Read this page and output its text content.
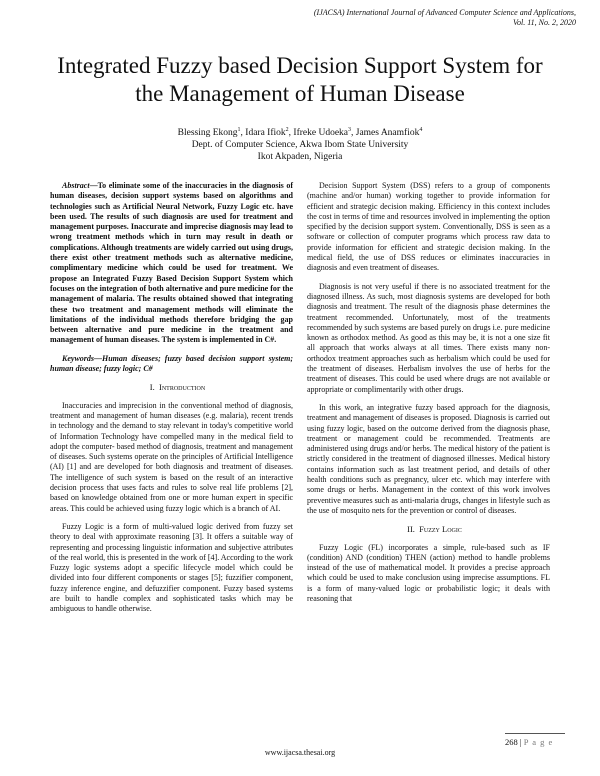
(IJACSA) International Journal of Advanced Computer Science and Applications,
Vol. 11, No. 2, 2020
Integrated Fuzzy based Decision Support System for
the Management of Human Disease
Blessing Ekong$^1$, Idara Ifiok$^2$, Ifreke Udoeka$^3$, James Anamfiok$^4$
Dept. of Computer Science, Akwa Ibom State University
Ikot Akpaden, Nigeria

Abstract—To eliminate some of the inaccuracies in the diagnosis of human diseases, decision support systems based on algorithms and technologies such as Artificial Neural Network, Fuzzy Logic etc. have been used. The results of such diagnosis are used for treatment and management purposes. Inaccurate and imprecise diagnosis may lead to wrong treatment methods which in turn may result in death or complications. Although treatments are widely carried out using drugs, there exist other treatment methods such as alternative medicine, complimentary medicine which could be used for treatment. We propose an Integrated Fuzzy Based Decision Support System which focuses on the integration of both alternative and pure medicine for the management of malaria. The results obtained showed that integrating these two treatment and management methods will eliminate the limitations of the individual methods therefore bridging the gap between alternative and pure medicine in the treatment and management of human diseases. The system is implemented in C#.

Keywords—Human diseases; fuzzy based decision support system; human disease; fuzzy logic; C#

I. Introduction

Inaccuracies and imprecision in the conventional method of diagnosis, treatment and management of human diseases (e.g. malaria), recent trends in technology and the demand to stay relevant in today's competitive world of Information Technology have compelled many in the medical field to adopt the computer- based method of diagnosis, treatment and management of diseases. Such systems operate on the principles of Artificial Intelligence (AI) [1] and are developed for both diagnosis and treatment of diseases. The intelligence of such system is based on the result of an interactive decision process that uses facts and rules to solve real life problems [2], based on knowledge obtained from one or more human expert in specific areas. This could be achieved using fuzzy logic which is a branch of AI.

Fuzzy Logic is a form of multi-valued logic derived from fuzzy set theory to deal with approximate reasoning [3]. It offers a suitable way of representing and processing linguistic information and subjective attributes of the real world, this is presented in the work of [4]. According to the work Fuzzy logic systems adopt a specific lifecycle model which could be divided into four different components or stages [5]; fuzzifier component, fuzzy inference engine, and defuzzifier component. Fuzzy based systems are built to handle complex and sophisticated tasks which may be ambiguous to handle otherwise.

Decision Support System (DSS) refers to a group of components (machine and/or human) working together to provide information for efficient and strategic decision making. Efficiency in this context includes the cost in terms of time and resources involved in implementing the option specified by the decision support system. Conventionally, DSS is seen as a software or collection of computer programs which process raw data to provide information for efficient and strategic decision making. In the medical field, the use of DSS reduces or eliminates inaccuracies in diagnosis and even treatment of diseases.

Diagnosis is not very useful if there is no associated treatment for the diagnosed illness. As such, most diagnosis systems are developed for both diagnosis and treatment. The result of the diagnosis phase determines the treatment recommended. Unfortunately, most of the treatments recommended by such systems are based purely on drugs i.e. pure medicine known as orthodox method. As good as this may be, it is not a one size fit all approach that works always at all times. There exists many non-orthodox treatment approaches such as herbalism which could be used for the treatment of diseases. Herbalism involves the use of herbs for the treatment of diseases. This could be used where drugs are not available or appropriate or complimentarily with other drugs.

In this work, an integrative fuzzy based approach for the diagnosis, treatment and management of diseases is proposed. Diagnosis is carried out using fuzzy logic, based on the outcome derived from the diagnosis phase, treatment or management could be recommended. Treatments are administered using drugs and/or herbs. The medical history of the patient is strictly considered in the treatment of diagnosed illnesses. Medical history contains information such as last treatment period, and details of other health conditions such as pregnancy, ulcer etc. which may interfere with some drugs or herbs. Management in the context of this work involves preventive measures such as anti-malaria drugs, changes in lifestyle such as the use of mosquito nets for the prevention or control of diseases.

II. Fuzzy Logic

Fuzzy Logic (FL) incorporates a simple, rule-based such as IF (condition) AND (condition) THEN (action) method to handle problems instead of the use of mathematical model. It provides a precise approach which could be used to make conclusion using imprecise assumptions. FL is a form of many-valued logic or probabilistic logic; it deals with reasoning that

268 | P a g e
www.ijacsa.thesai.org
